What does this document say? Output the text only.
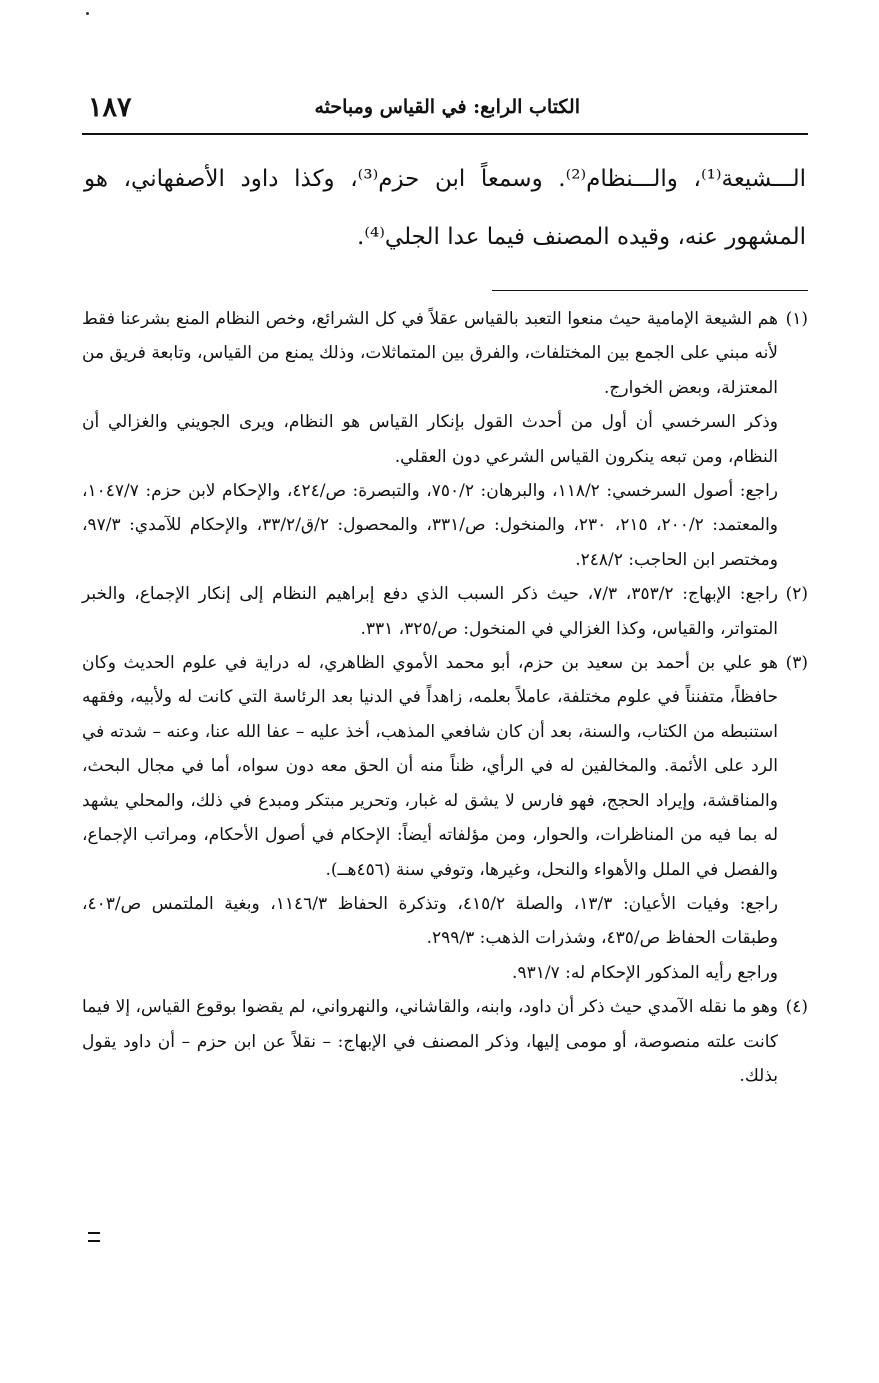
الكتاب الرابع: في القياس ومباحثه
١٨٧

الـــشيعة⁽¹⁾، والـــنظام⁽²⁾. وسمعاً ابن حزم⁽³⁾، وكذا داود الأصفهاني، هو المشهور عنه، وقيده المصنف فيما عدا الجلي⁽⁴⁾.

(١)

هم الشيعة الإمامية حيث منعوا التعبد بالقياس عقلاً في كل الشرائع، وخص النظام المنع بشرعنا فقط لأنه مبني على الجمع بين المختلفات، والفرق بين المتماثلات، وذلك يمنع من القياس، وتابعة فريق من المعتزلة، وبعض الخوارج.

وذكر السرخسي أن أول من أحدث القول بإنكار القياس هو النظام، ويرى الجويني والغزالي أن النظام، ومن تبعه ينكرون القياس الشرعي دون العقلي.

راجع: أصول السرخسي: ١١٨/٢، والبرهان: ٧٥٠/٢، والتبصرة: ص/٤٢٤، والإحكام لابن حزم: ١٠٤٧/٧، والمعتمد: ٢٠٠/٢، ٢١٥، ٢٣٠، والمنخول: ص/٣٣١، والمحصول: ٢/ق/٣٣/٢، والإحكام للآمدي: ٩٧/٣، ومختصر ابن الحاجب: ٢٤٨/٢.

(٢)

راجع: الإبهاج: ٣٥٣/٢، ٧/٣، حيث ذكر السبب الذي دفع إبراهيم النظام إلى إنكار الإجماع، والخبر المتواتر، والقياس، وكذا الغزالي في المنخول: ص/٣٢٥، ٣٣١.

(٣)

هو علي بن أحمد بن سعيد بن حزم، أبو محمد الأموي الظاهري، له دراية في علوم الحديث وكان حافظاً، متفنناً في علوم مختلفة، عاملاً بعلمه، زاهداً في الدنيا بعد الرئاسة التي كانت له ولأبيه، وفقهه استنبطه من الكتاب، والسنة، بعد أن كان شافعي المذهب، أخذ عليه – عفا الله عنا، وعنه – شدته في الرد على الأئمة. والمخالفين له في الرأي، ظناً منه أن الحق معه دون سواه، أما في مجال البحث، والمناقشة، وإيراد الحجج، فهو فارس لا يشق له غبار، وتحرير مبتكر ومبدع في ذلك، والمحلي يشهد له بما فيه من المناظرات، والحوار، ومن مؤلفاته أيضاً: الإحكام في أصول الأحكام، ومراتب الإجماع، والفصل في الملل والأهواء والنحل، وغيرها، وتوفي سنة (٤٥٦هــ).

راجع: وفيات الأعيان: ١٣/٣، والصلة ٤١٥/٢، وتذكرة الحفاظ ١١٤٦/٣، وبغية الملتمس ص/٤٠٣، وطبقات الحفاظ ص/٤٣٥، وشذرات الذهب: ٢٩٩/٣.

وراجع رأيه المذكور الإحكام له: ٩٣١/٧.

(٤)

وهو ما نقله الآمدي حيث ذكر أن داود، وابنه، والقاشاني، والنهرواني، لم يقضوا بوقوع القياس، إلا فيما كانت علته منصوصة، أو مومى إليها، وذكر المصنف في الإبهاج: – نقلاً عن ابن حزم – أن داود يقول بذلك.
